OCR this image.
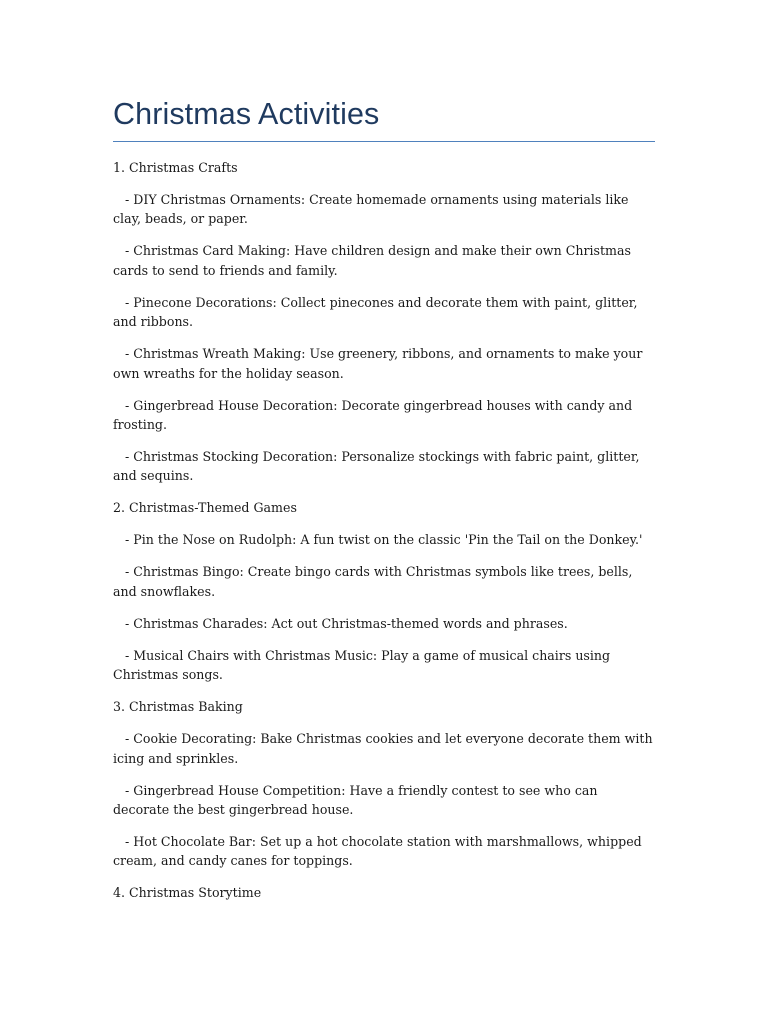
Christmas Activities

1. Christmas Crafts

- DIY Christmas Ornaments: Create homemade ornaments using materials like clay, beads, or paper.

- Christmas Card Making: Have children design and make their own Christmas cards to send to friends and family.

- Pinecone Decorations: Collect pinecones and decorate them with paint, glitter, and ribbons.

- Christmas Wreath Making: Use greenery, ribbons, and ornaments to make your own wreaths for the holiday season.

- Gingerbread House Decoration: Decorate gingerbread houses with candy and frosting.

- Christmas Stocking Decoration: Personalize stockings with fabric paint, glitter, and sequins.

2. Christmas-Themed Games

- Pin the Nose on Rudolph: A fun twist on the classic 'Pin the Tail on the Donkey.'

- Christmas Bingo: Create bingo cards with Christmas symbols like trees, bells, and snowflakes.

- Christmas Charades: Act out Christmas-themed words and phrases.

- Musical Chairs with Christmas Music: Play a game of musical chairs using Christmas songs.

3. Christmas Baking

- Cookie Decorating: Bake Christmas cookies and let everyone decorate them with icing and sprinkles.

- Gingerbread House Competition: Have a friendly contest to see who can decorate the best gingerbread house.

- Hot Chocolate Bar: Set up a hot chocolate station with marshmallows, whipped cream, and candy canes for toppings.

4. Christmas Storytime
